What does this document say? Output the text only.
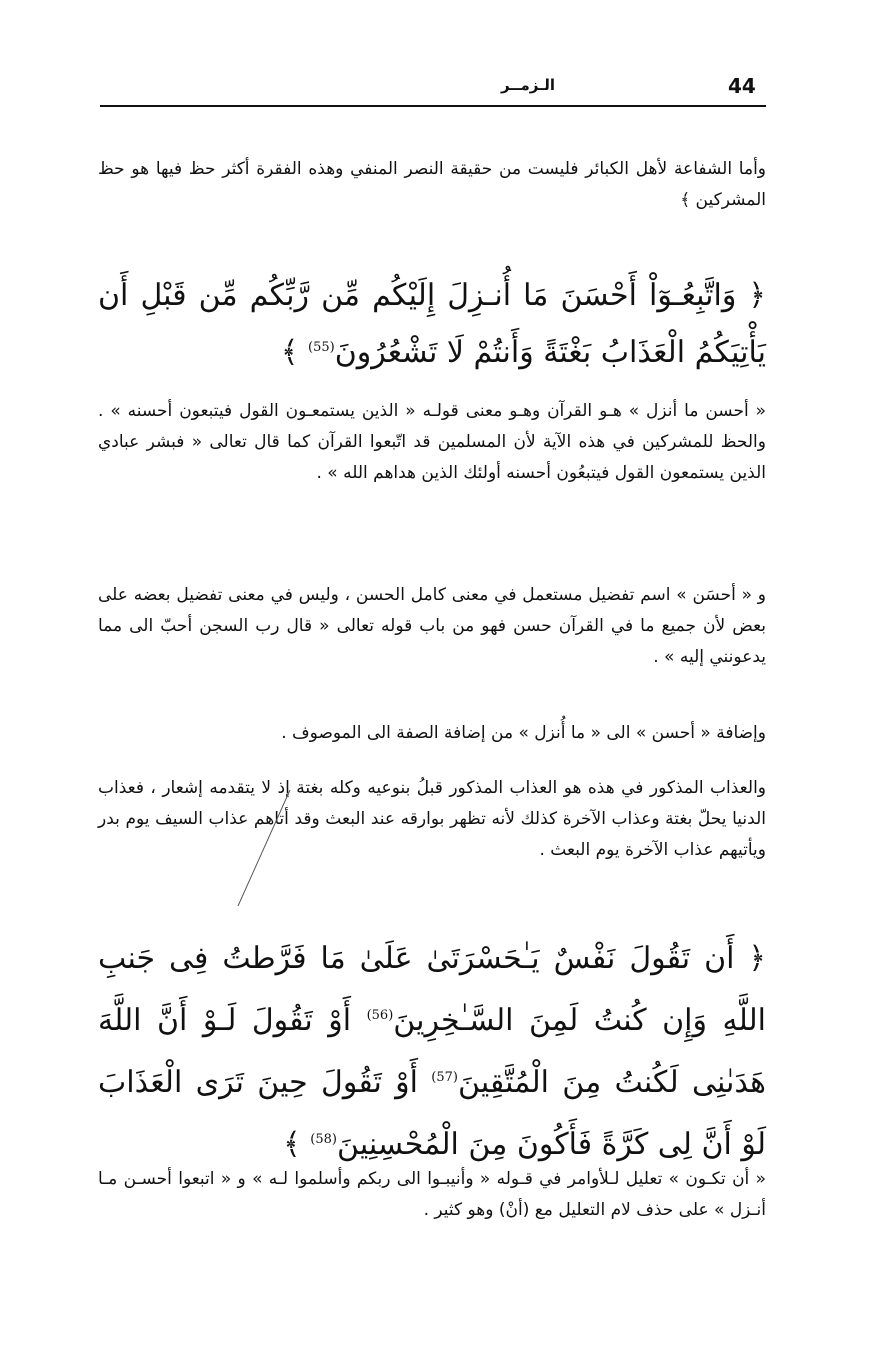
44
الـزمــر

وأما الشفاعة لأهل الكبائر فليست من حقيقة النصر المنفي وهذه الفقرة أكثر حظ فيها هو حظ المشركين ﴾

﴿ وَاتَّبِعُـوٓاْ أَحْسَنَ مَا أُنـزِلَ إِلَيْكُم مِّن رَّبِّكُم مِّن قَبْلِ أَن يَأْتِيَكُمُ الْعَذَابُ بَغْتَةً وَأَنتُمْ لَا تَشْعُرُونَ$^{(55)}$ ﴾

« أحسن ما أنزل » هـو القرآن وهـو معنى قولـه « الذين يستمعـون القول فيتبعون أحسنه » . والحظ للمشركين في هذه الآية لأن المسلمين قد اتّبعوا القرآن كما قال تعالى « فبشر عبادي الذين يستمعون القول فيتبعُون أحسنه أولئك الذين هداهم الله » .

و « أحسَن » اسم تفضيل مستعمل في معنى كامل الحسن ، وليس في معنى تفضيل بعضه على بعض لأن جميع ما في القرآن حسن فهو من باب قوله تعالى « قال رب السجن أحبّ الى مما يدعونني إليه » .

وإضافة « أحسن » الى « ما أُنزل » من إضافة الصفة الى الموصوف .

والعذاب المذكور في هذه هو العذاب المذكور قبلُ بنوعيه وكله بغتة إذ لا يتقدمه إشعار ، فعذاب الدنيا يحلّ بغتة وعذاب الآخرة كذلك لأنه تظهر بوارقه عند البعث وقد أتاهم عذاب السيف يوم بدر ويأتيهم عذاب الآخرة يوم البعث .

﴿ أَن تَقُولَ نَفْسٌ يَـٰحَسْرَتَىٰ عَلَىٰ مَا فَرَّطتُ فِى جَنبِ اللَّهِ وَإِن كُنتُ لَمِنَ السَّـٰخِرِينَ$^{(56)}$ أَوْ تَقُولَ لَـوْ أَنَّ اللَّهَ هَدَىٰنِى لَكُنتُ مِنَ الْمُتَّقِينَ$^{(57)}$ أَوْ تَقُولَ حِينَ تَرَى الْعَذَابَ لَوْ أَنَّ لِى كَرَّةً فَأَكُونَ مِنَ الْمُحْسِنِينَ$^{(58)}$ ﴾

« أن تكـون » تعليل لـلأوامر في قـوله « وأنيبـوا الى ربكم وأسلموا لـه » و « اتبعوا أحسـن مـا أنـزل » على حذف لام التعليل مع (أنْ) وهو كثير .
